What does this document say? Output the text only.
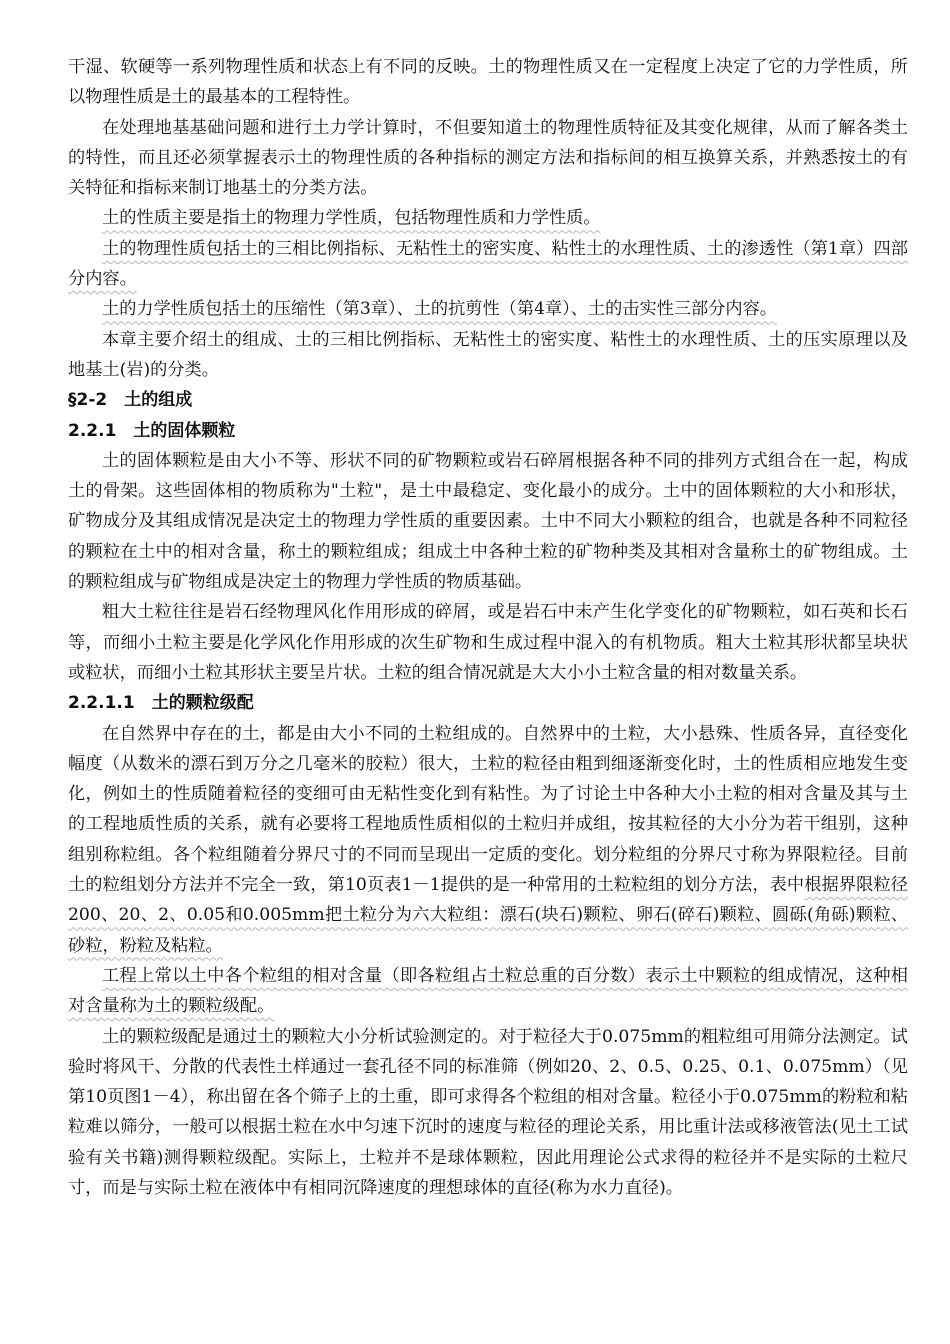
干湿、软硬等一系列物理性质和状态上有不同的反映。土的物理性质又在一定程度上决定了它的力学性质，所以物理性质是土的最基本的工程特性。

在处理地基基础问题和进行土力学计算时，不但要知道土的物理性质特征及其变化规律，从而了解各类土的特性，而且还必须掌握表示土的物理性质的各种指标的测定方法和指标间的相互换算关系，并熟悉按土的有关特征和指标来制订地基土的分类方法。

土的性质主要是指土的物理力学性质，包括物理性质和力学性质。

土的物理性质包括土的三相比例指标、无粘性土的密实度、粘性土的水理性质、土的渗透性（第1章）四部分内容。

土的力学性质包括土的压缩性（第3章）、土的抗剪性（第4章）、土的击实性三部分内容。

本章主要介绍土的组成、土的三相比例指标、无粘性土的密实度、粘性土的水理性质、土的压实原理以及地基土(岩)的分类。

§2-2　土的组成
2.2.1　土的固体颗粒

土的固体颗粒是由大小不等、形状不同的矿物颗粒或岩石碎屑根据各种不同的排列方式组合在一起，构成土的骨架。这些固体相的物质称为"土粒"，是土中最稳定、变化最小的成分。土中的固体颗粒的大小和形状，矿物成分及其组成情况是决定土的物理力学性质的重要因素。土中不同大小颗粒的组合，也就是各种不同粒径的颗粒在土中的相对含量，称土的颗粒组成；组成土中各种土粒的矿物种类及其相对含量称土的矿物组成。土的颗粒组成与矿物组成是决定土的物理力学性质的物质基础。

粗大土粒往往是岩石经物理风化作用形成的碎屑，或是岩石中未产生化学变化的矿物颗粒，如石英和长石等，而细小土粒主要是化学风化作用形成的次生矿物和生成过程中混入的有机物质。粗大土粒其形状都呈块状或粒状，而细小土粒其形状主要呈片状。土粒的组合情况就是大大小小土粒含量的相对数量关系。

2.2.1.1　土的颗粒级配

在自然界中存在的土，都是由大小不同的土粒组成的。自然界中的土粒，大小悬殊、性质各异，直径变化幅度（从数米的漂石到万分之几毫米的胶粒）很大，土粒的粒径由粗到细逐渐变化时，土的性质相应地发生变化，例如土的性质随着粒径的变细可由无粘性变化到有粘性。为了讨论土中各种大小土粒的相对含量及其与土的工程地质性质的关系，就有必要将工程地质性质相似的土粒归并成组，按其粒径的大小分为若干组别，这种组别称粒组。各个粒组随着分界尺寸的不同而呈现出一定质的变化。划分粒组的分界尺寸称为界限粒径。目前土的粒组划分方法并不完全一致，第10页表1－1提供的是一种常用的土粒粒组的划分方法，表中根据界限粒径200、20、2、0.05和0.005mm把土粒分为六大粒组：漂石(块石)颗粒、卵石(碎石)颗粒、圆砾(角砾)颗粒、砂粒，粉粒及粘粒。

工程上常以土中各个粒组的相对含量（即各粒组占土粒总重的百分数）表示土中颗粒的组成情况，这种相对含量称为土的颗粒级配。

土的颗粒级配是通过土的颗粒大小分析试验测定的。对于粒径大于0.075mm的粗粒组可用筛分法测定。试验时将风干、分散的代表性土样通过一套孔径不同的标准筛（例如20、2、0.5、0.25、0.1、0.075mm）（见第10页图1－4），称出留在各个筛子上的土重，即可求得各个粒组的相对含量。粒径小于0.075mm的粉粒和粘粒难以筛分，一般可以根据土粒在水中匀速下沉时的速度与粒径的理论关系，用比重计法或移液管法(见土工试验有关书籍)测得颗粒级配。实际上，土粒并不是球体颗粒，因此用理论公式求得的粒径并不是实际的土粒尺寸，而是与实际土粒在液体中有相同沉降速度的理想球体的直径(称为水力直径)。
